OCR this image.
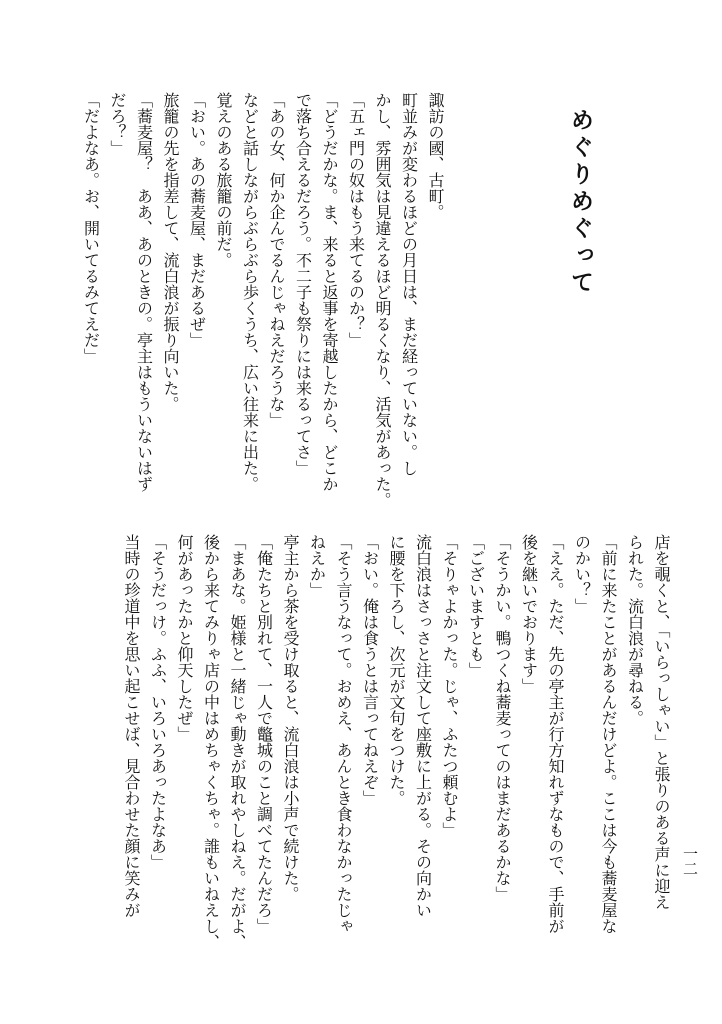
めぐりめぐって
諏訪の國、古町。
町並みが変わるほどの月日は、まだ経っていない。し
かし、雰囲気は見違えるほど明るくなり、活気があった。
「五ェ門の奴はもう来てるのか？」
「どうだかな。ま、来ると返事を寄越したから、どこか
で落ち合えるだろう。不二子も祭りには来るってさ」
「あの女、何か企んでるんじゃねえだろうな」
などと話しながらぶらぶら歩くうち、広い往来に出た。
覚えのある旅籠の前だ。
「おい。あの蕎麦屋、まだあるぜ」
旅籠の先を指差して、流白浪が振り向いた。
「蕎麦屋？　ああ、あのときの。亭主はもういないはず
だろ？」
「だよなあ。お、開いてるみてえだ」
店を覗くと、「いらっしゃい」と張りのある声に迎え
られた。流白浪が尋ねる。
「前に来たことがあるんだけどよ。ここは今も蕎麦屋な
のかい？」
「ええ。ただ、先の亭主が行方知れずなもので、手前が
後を継いでおります」
「そうかい。鴨つくね蕎麦ってのはまだあるかな」
「ございますとも」
「そりゃよかった。じゃ、ふたつ頼むよ」
流白浪はさっさと注文して座敷に上がる。その向かい
に腰を下ろし、次元が文句をつけた。
「おい。俺は食うとは言ってねえぞ」
「そう言うなって。おめえ、あんとき食わなかったじゃ
ねえか」
亭主から茶を受け取ると、流白浪は小声で続けた。
「俺たちと別れて、一人で鼈城のこと調べてたんだろ」
「まあな。姫様と一緒じゃ動きが取れやしねえ。だがよ、
後から来てみりゃ店の中はめちゃくちゃ。誰もいねえし、
何があったかと仰天したぜ」
「そうだっけ。ふふ、いろいろあったよなあ」
当時の珍道中を思い起こせば、見合わせた顔に笑みが	一二
